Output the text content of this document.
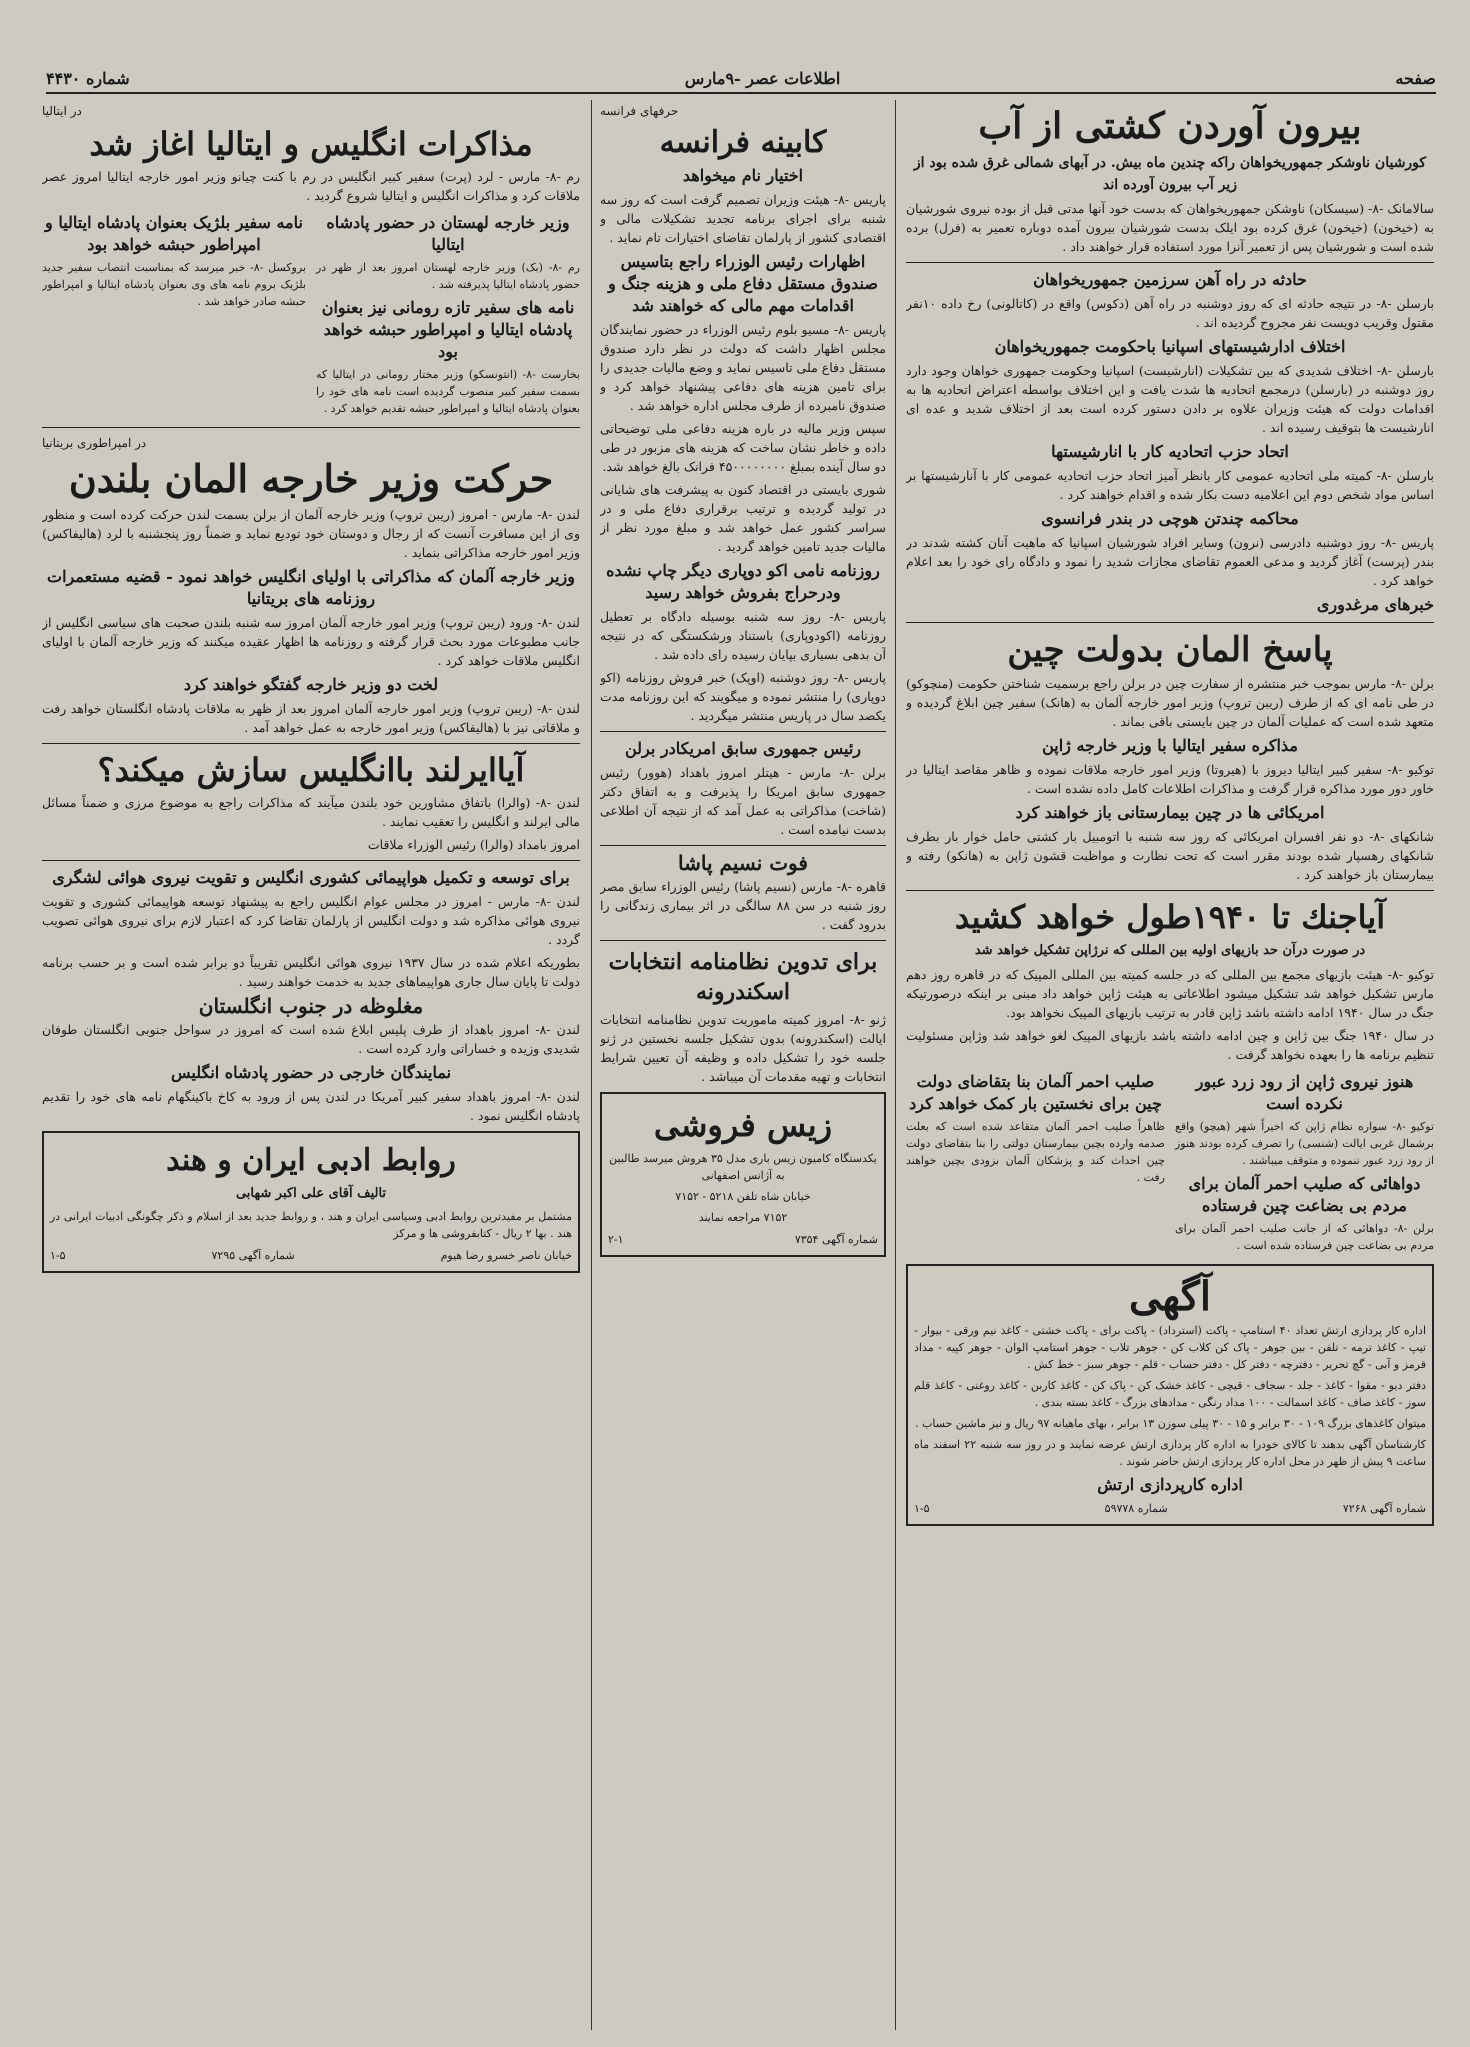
صفحه
اطلاعات عصر -۹مارس
شماره ۴۴۳۰
بیرون آوردن کشتی از آب
کورشیان ناوشکر جمهوریخواهان راکه چندین ماه بیش. در آبهای شمالی غرق شده بود از زیر آب بیرون آورده اند

سالامانک -۸- (سیسکان) ناوشکن جمهوریخواهان که بدست خود آنها مدتی قبل از بوده نیروی شورشیان به (خیخون) (خیخون) غرق کرده بود ایلک بدست شورشیان بیرون آمده دوباره تعمیر به (فرل) برده شده است و شورشیان پس از تعمیر آنرا مورد استفاده قرار خواهند داد .

حادثه در راه آهن سرزمین جمهوریخواهان

بارسلن -۸- در نتیجه حادثه ای که روز دوشنبه در راه آهن (دکوس) واقع در (کاتالونی) رخ داده ۱۰نفر مقتول وقریب دویست نفر مجروح گردیده اند .

اختلاف ادارشیستهای اسپانیا باحکومت جمهوریخواهان

بارسلن -۸- اختلاف شدیدی که بین تشکیلات (انارشیست) اسپانیا وحکومت جمهوری خواهان وجود دارد روز دوشنبه در (بارسلن) درمجمع اتحادیه ها شدت یافت و این اختلاف بواسطه اعتراض اتحادیه ها به اقدامات دولت که هیئت وزیران علاوه بر دادن دستور کرده است بعد از اختلاف شدید و عده ای انارشیست ها بتوقیف رسیده اند .

اتحاد حزب اتحادیه کار با انارشیستها

بارسلن -۸- کمیته ملی اتحادیه عمومی کار بانظر آمیز اتحاد حزب اتحادیه عمومی کار با آنارشیستها بر اساس مواد شخص دوم این اعلامیه دست بکار شده و اقدام خواهند کرد .

محاکمه چندتن هوچی در بندر فرانسوی

پاریس -۸- روز دوشنبه دادرسی (نرون) وسایر افراد شورشیان اسپانیا که ماهیت آنان کشته شدند در بندر (پرست) آغاز گردید و مدعی العموم تقاضای مجازات شدید را نمود و دادگاه رای خود را بعد اعلام خواهد کرد .

خبرهای مرغدوری
پاسخ المان بدولت چین

برلن -۸- مارس بموجب خبر منتشره از سفارت چین در برلن راجع برسمیت شناختن حکومت (منچوکو) در طی نامه ای که از طرف (ریبن تروپ) وزیر امور خارجه آلمان به (هانک) سفیر چین ابلاغ گردیده و متعهد شده است که عملیات آلمان در چین بایستی باقی بماند .

مذاکره سفیر ایتالیا با وزیر خارجه ژاپن

توکیو -۸- سفیر کبیر ایتالیا دیروز با (هیروتا) وزیر امور خارجه ملاقات نموده و ظاهر مقاصد ایتالیا در خاور دور مورد مذاکره قرار گرفت و مذاکرات اطلاعات کامل داده نشده است .

امریکائی ها در چین بیمارستانی باز خواهند کرد

شانکهای -۸- دو نفر افسران امریکائی که روز سه شنبه با اتومبیل بار کشتی حامل خوار بار بطرف شانکهای رهسپار شده بودند مقرر است که تحت نظارت و مواظبت قشون ژاپن به (هانکو) رفته و بیمارستان باز خواهند کرد .

آیاجنك تا ۱۹۴۰طول خواهد کشید
در صورت درآن حد بازیهای اولیه بین المللی که نرژاپن تشکیل خواهد شد

توکیو -۸- هیئت بازیهای مجمع بین المللی که در جلسه کمیته بین المللی المپیک که در قاهره روز دهم مارس تشکیل خواهد شد تشکیل میشود اطلاعاتی به هیئت ژاپن خواهد داد مبنی بر اینکه درصورتیکه جنگ در سال ۱۹۴۰ ادامه داشته باشد ژاپن قادر به ترتیب بازیهای المپیک نخواهد بود.

در سال ۱۹۴۰ جنگ بین ژاپن و چین ادامه داشته باشد بازیهای المپیک لغو خواهد شد وژاپن مسئولیت تنظیم برنامه ها را بعهده نخواهد گرفت .

هنوز نیروی ژاپن از رود زرد عبور نکرده است

توکیو -۸- سواره نظام ژاپن که اخیراً شهر (هیچو) واقع برشمال غربی ایالت (شنسی) را تصرف کرده بودند هنوز از رود زرد عبور ننموده و متوقف میباشند .

دواهائی که صلیب احمر آلمان برای مردم بی بضاعت چین فرستاده

برلن -۸- دواهائی که از جانب صلیب احمر آلمان برای مردم بی بضاعت چین فرستاده شده است .

صلیب احمر آلمان بنا بتقاضای دولت چین برای نخستین بار کمک خواهد کرد

ظاهراً صلیب احمر آلمان متقاعد شده است که بعلت صدمه وارده بچین بیمارستان دولتی را بنا بتقاضای دولت چین احداث کند و پزشکان آلمان بزودی بچین خواهند رفت .

آگهی

اداره کار پردازی ارتش تعداد ۴۰ استامپ - پاکت (استرداد) - پاکت برای - پاکت خشتی - کاغذ نیم ورقی - بیوار - تیپ - کاغذ ترمه - تلفن - بین جوهر - پاک کن کلاب کن - جوهر تلاب - جوهر استامپ الوان - جوهر کپیه - مداد قرمز و آبی - گچ تحریر - دفترچه - دفتر کل - دفتر حساب - قلم - جوهر سبز - خط کش .

دفتر دیو - مقوا - کاغذ - جلد - سجاف - قیچی - کاغذ خشک کن - پاک کن - کاغذ کاربن - کاغذ روغنی - کاغذ قلم سوز - کاغذ صاف - کاغذ اسمالت - ۱۰۰ مداد رنگی - مدادهای بزرگ - کاغذ بسته بندی .

میتوان کاغذهای بزرگ ۱۰۹ - ۳۰ برابر و ۱۵ - ۳۰ پیلی سوزن ۱۳ برابر ، بهای ماهیانه ۹۷ ریال و نیز ماشین حساب .

کارشناسان آگهی بدهند تا کالای خودرا به اداره کار پردازی ارتش عرضه نمایند و در روز سه شنبه ۲۲ اسفند ماه ساعت ۹ پیش از ظهر در محل اداره کار پردازی ارتش حاضر شوند .

اداره کارپردازی ارتش
شماره آگهی ۷۲۶۸
شماره ۵۹۷۷۸
۱-۵
حرفهای فرانسه
کابینه فرانسه
اختیار نام میخواهد

پاریس -۸- هیئت وزیران تصمیم گرفت است که روز سه شنبه برای اجرای برنامه تجدید تشکیلات مالی و اقتصادی کشور از پارلمان تقاضای اختیارات تام نماید .

اظهارات رئیس الوزراء راجع بتاسیس صندوق مستقل دفاع ملی و هزینه جنگ و اقدامات مهم مالی که خواهند شد

پاریس -۸- مسیو بلوم رئیس الوزراء در حضور نمایندگان مجلس اظهار داشت که دولت در نظر دارد صندوق مستقل دفاع ملی تاسیس نماید و وضع مالیات جدیدی را برای تامین هزینه های دفاعی پیشنهاد خواهد کرد و صندوق نامبرده از طرف مجلس اداره خواهد شد .

سپس وزیر مالیه در باره هزینه دفاعی ملی توضیحاتی داده و خاطر نشان ساخت که هزینه های مزبور در طی دو سال آینده بمبلغ ۴۵۰۰۰۰۰۰۰۰ فرانک بالغ خواهد شد.

شوری بایستی در اقتصاد کنون به پیشرفت های شایانی در تولید گردیده و ترتیب برقراری دفاع ملی و در سراسر کشور عمل خواهد شد و مبلغ مورد نظر از مالیات جدید تامین خواهد گردید .

روزنامه نامی اکو دوپاری دیگر چاپ نشده ودرحراج بفروش خواهد رسید

پاریس -۸- روز سه شنبه بوسیله دادگاه بر تعطیل روزنامه (اکودوپاری) باستناد ورشکستگی که در نتیجه آن بدهی بسیاری بپایان رسیده رای داده شد .

پاریس -۸- روز دوشنبه (اوپک) خبر فروش روزنامه (اکو دوپاری) را منتشر نموده و میگویند که این روزنامه مدت یکصد سال در پاریس منتشر میگردید .

رئیس جمهوری سابق امریکادر برلن

برلن -۸- مارس - هیتلر امروز باهداد (هوور) رئیس جمهوری سابق امریکا را پذیرفت و به اتفاق دکتر (شاخت) مذاکراتی به عمل آمد که از نتیجه آن اطلاعی بدست نیامده است .

فوت نسیم پاشا

قاهره -۸- مارس (نسیم پاشا) رئیس الوزراء سابق مصر روز شنبه در سن ۸۸ سالگی در اثر بیماری زندگانی را بدرود گفت .

برای تدوین نظامنامه انتخابات اسکندرونه

ژنو -۸- امروز کمیته ماموریت تدوین نظامنامه انتخابات ایالت (اسکندرونه) بدون تشکیل جلسه نخستین در ژنو جلسه خود را تشکیل داده و وظیفه آن تعیین شرایط انتخابات و تهیه مقدمات آن میباشد .

زیس فروشی

یکدستگاه کامیون زیس باری مدل ۳۵ هروش میرسد طالبین به آژانس اصفهانی

خیابان شاه تلفن ۵۲۱۸ - ۷۱۵۲

۷۱۵۲ مراجعه نمایند

شماره آگهی ۷۳۵۴
۲-۱
در ایتالیا
مذاکرات انگلیس و ایتالیا اغاز شد

رم -۸- مارس - لرد (پرت) سفیر کبیر انگلیس در رم با کنت چیانو وزیر امور خارجه ایتالیا امروز عصر ملاقات کرد و مذاکرات انگلیس و ایتالیا شروع گردید .

وزیر خارجه لهستان در حضور پادشاه ایتالیا

رم -۸- (بک) وزیر خارجه لهستان امروز بعد از ظهر در حضور پادشاه ایتالیا پذیرفته شد .

نامه های سفیر تازه رومانی نیز بعنوان پادشاه ایتالیا و امپراطور حبشه خواهد بود

بخارست -۸- (انتونسکو) وزیر مختار رومانی در ایتالیا که بسمت سفیر کبیر منصوب گردیده است نامه های خود را بعنوان پادشاه ایتالیا و امپراطور حبشه تقدیم خواهد کرد .

نامه سفیر بلژیک بعنوان پادشاه ایتالیا و امپراطور حبشه خواهد بود

بروکسل -۸- خبر میرسد که بمناسبت انتصاب سفیر جدید بلژیک بروم نامه های وی بعنوان پادشاه ایتالیا و امپراطور حبشه صادر خواهد شد .

در امپراطوری بریتانیا
حرکت وزیر خارجه المان بلندن

لندن -۸- مارس - امروز (ریبن تروپ) وزیر خارجه آلمان از برلن بسمت لندن حرکت کرده است و منظور وی از این مسافرت آنست که از رجال و دوستان خود تودیع نماید و ضمناً روز پنجشنبه با لرد (هالیفاکس) وزیر امور خارجه مذاکراتی بنماید .

وزیر خارجه آلمان که مذاکراتی با اولیای انگلیس خواهد نمود - قضیه مستعمرات روزنامه های بریتانیا

لندن -۸- ورود (ریبن تروپ) وزیر امور خارجه آلمان امروز سه شنبه بلندن صحبت های سیاسی انگلیس از جانب مطبوعات مورد بحث قرار گرفته و روزنامه ها اظهار عقیده میکنند که وزیر خارجه آلمان با اولیای انگلیس ملاقات خواهد کرد .

لخت دو وزیر خارجه گفتگو خواهند کرد

لندن -۸- (ریبن تروپ) وزیر امور خارجه آلمان امروز بعد از ظهر به ملاقات پادشاه انگلستان خواهد رفت و ملاقاتی نیز با (هالیفاکس) وزیر امور خارجه به عمل خواهد آمد .

آیاایرلند باانگلیس سازش میکند؟

لندن -۸- (والرا) باتفاق مشاورین خود بلندن میآیند که مذاکرات راجع به موضوع مرزی و ضمناً مسائل مالی ایرلند و انگلیس را تعقیب نمایند .

امروز بامداد (والرا) رئیس الوزراء ملاقات

برای توسعه و تکمیل هواپیمائی کشوری انگلیس و تقویت نیروی هوائی لشگری

لندن -۸- مارس - امروز در مجلس عوام انگلیس راجع به پیشنهاد توسعه هواپیمائی کشوری و تقویت نیروی هوائی مذاکره شد و دولت انگلیس از پارلمان تقاضا کرد که اعتبار لازم برای نیروی هوائی تصویب گردد .

بطوریکه اعلام شده در سال ۱۹۳۷ نیروی هوائی انگلیس تقریباً دو برابر شده است و بر حسب برنامه دولت تا پایان سال جاری هواپیماهای جدید به خدمت خواهند رسید .

مغلوظه در جنوب انگلستان

لندن -۸- امروز باهداد از طرف پلیس ابلاغ شده است که امروز در سواحل جنوبی انگلستان طوفان شدیدی وزیده و خساراتی وارد کرده است .

نمایندگان خارجی در حضور پادشاه انگلیس

لندن -۸- امروز باهداد سفیر کبیر آمریکا در لندن پس از ورود به کاخ باکینگهام نامه های خود را تقدیم پادشاه انگلیس نمود .

روابط ادبی ایران و هند
تالیف آقای علی اکبر شهابی

مشتمل بر مفیدترین روابط ادبی وسیاسی ایران و هند ، و روابط جدید بعد از اسلام و ذکر چگونگی ادبیات ایرانی در هند . بها ۲ ریال - کتابفروشی ها و مرکز

خیابان ناصر خسرو رضا هیوم
شماره آگهی ۷۲۹۵
۱-۵
